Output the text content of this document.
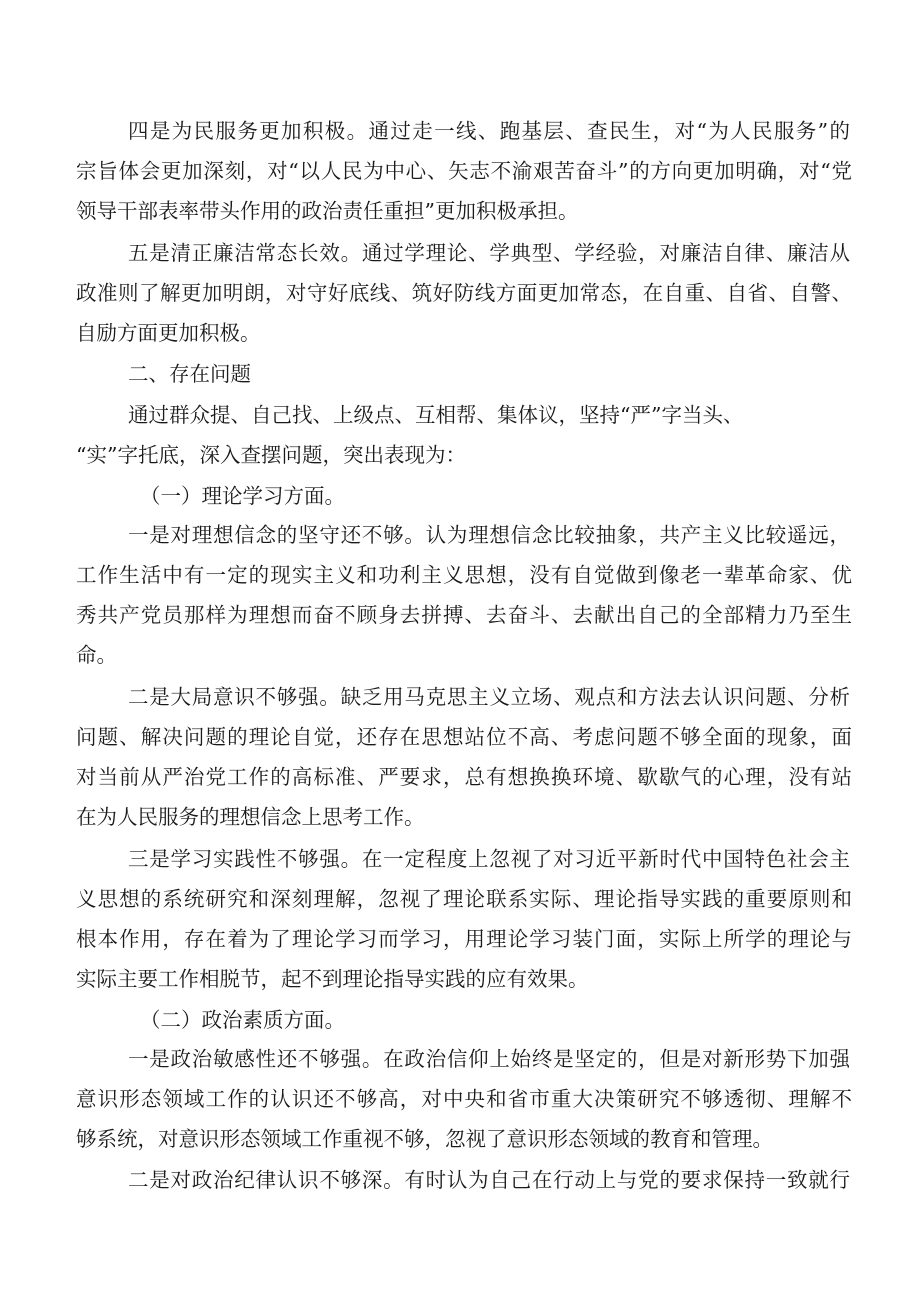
四是为民服务更加积极。通过走一线、跑基层、查民生，对“为人民服务”的
宗旨体会更加深刻，对“以人民为中心、矢志不渝艰苦奋斗”的方向更加明确，对“党
领导干部表率带头作用的政治责任重担”更加积极承担。
五是清正廉洁常态长效。通过学理论、学典型、学经验，对廉洁自律、廉洁从
政准则了解更加明朗，对守好底线、筑好防线方面更加常态，在自重、自省、自警、
自励方面更加积极。
二、存在问题
通过群众提、自己找、上级点、互相帮、集体议，坚持“严”字当头、
“实”字托底，深入查摆问题，突出表现为：
（一）理论学习方面。
一是对理想信念的坚守还不够。认为理想信念比较抽象，共产主义比较遥远，
工作生活中有一定的现实主义和功利主义思想，没有自觉做到像老一辈革命家、优
秀共产党员那样为理想而奋不顾身去拼搏、去奋斗、去献出自己的全部精力乃至生
命。
二是大局意识不够强。缺乏用马克思主义立场、观点和方法去认识问题、分析
问题、解决问题的理论自觉，还存在思想站位不高、考虑问题不够全面的现象，面
对当前从严治党工作的高标准、严要求，总有想换换环境、歇歇气的心理，没有站
在为人民服务的理想信念上思考工作。
三是学习实践性不够强。在一定程度上忽视了对习近平新时代中国特色社会主
义思想的系统研究和深刻理解，忽视了理论联系实际、理论指导实践的重要原则和
根本作用，存在着为了理论学习而学习，用理论学习装门面，实际上所学的理论与
实际主要工作相脱节，起不到理论指导实践的应有效果。
（二）政治素质方面。
一是政治敏感性还不够强。在政治信仰上始终是坚定的，但是对新形势下加强
意识形态领域工作的认识还不够高，对中央和省市重大决策研究不够透彻、理解不
够系统，对意识形态领域工作重视不够，忽视了意识形态领域的教育和管理。
二是对政治纪律认识不够深。有时认为自己在行动上与党的要求保持一致就行
